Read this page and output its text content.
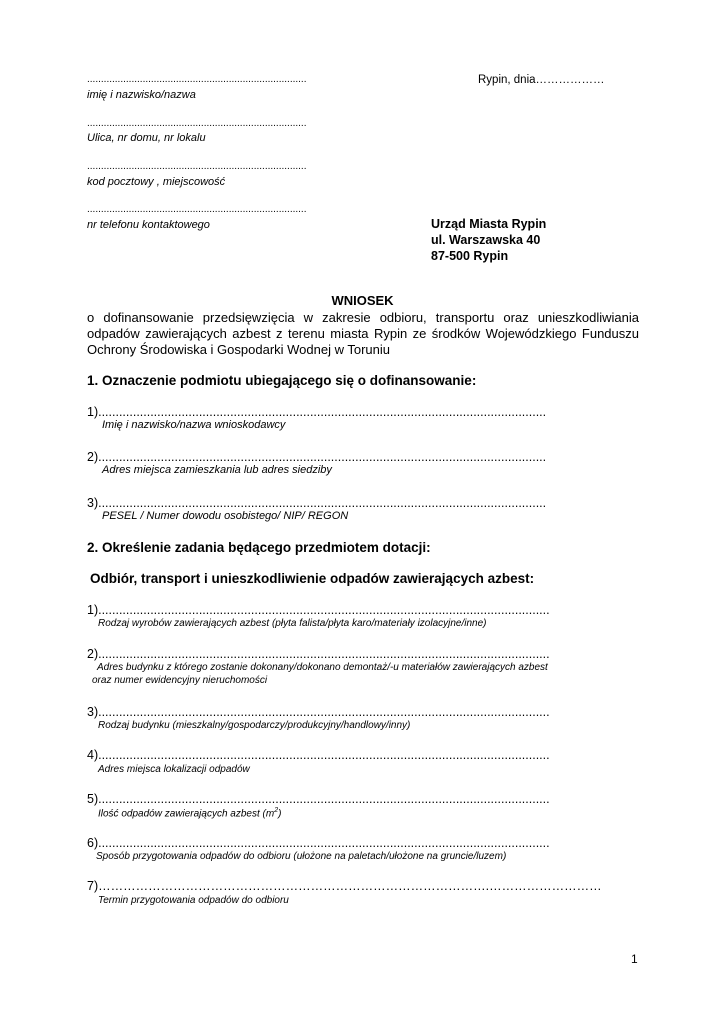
...............................................................................
imię i nazwisko/nazwa
...............................................................................
Ulica, nr domu, nr lokalu
...............................................................................
kod pocztowy , miejscowość
...............................................................................
nr telefonu kontaktowego
Rypin, dnia………………
Urząd Miasta Rypin
ul. Warszawska 40
87-500 Rypin
WNIOSEK
o dofinansowanie przedsięwzięcia w zakresie odbioru, transportu oraz unieszkodliwiania odpadów zawierających azbest z terenu miasta Rypin ze środków Wojewódzkiego Funduszu Ochrony Środowiska i Gospodarki Wodnej w Toruniu
1. Oznaczenie podmiotu ubiegającego się o dofinansowanie:
1).................................................................................................................................
Imię i nazwisko/nazwa wnioskodawcy
2).................................................................................................................................
Adres miejsca zamieszkania lub adres siedziby
3).................................................................................................................................
PESEL / Numer dowodu osobistego/ NIP/ REGON
2. Określenie zadania będącego przedmiotem dotacji:
Odbiór, transport i unieszkodliwienie odpadów zawierających azbest:
1)..................................................................................................................................
Rodzaj wyrobów zawierających azbest (płyta falista/płyta karo/materiały izolacyjne/inne)
2)..................................................................................................................................
Adres budynku z którego zostanie dokonany/dokonano demontaż/-u materiałów zawierających azbest
oraz numer ewidencyjny nieruchomości
3)..................................................................................................................................
Rodzaj budynku (mieszkalny/gospodarczy/produkcyjny/handlowy/inny)
4)..................................................................................................................................
Adres miejsca lokalizacji odpadów
5)..................................................................................................................................
Ilość odpadów zawierających azbest $(m^2)$
6)..................................................................................................................................
Sposób przygotowania odpadów do odbioru (ułożone na paletach/ułożone na gruncie/luzem)
7)………………………………………………………………………………….………………………
Termin przygotowania odpadów do odbioru
1
